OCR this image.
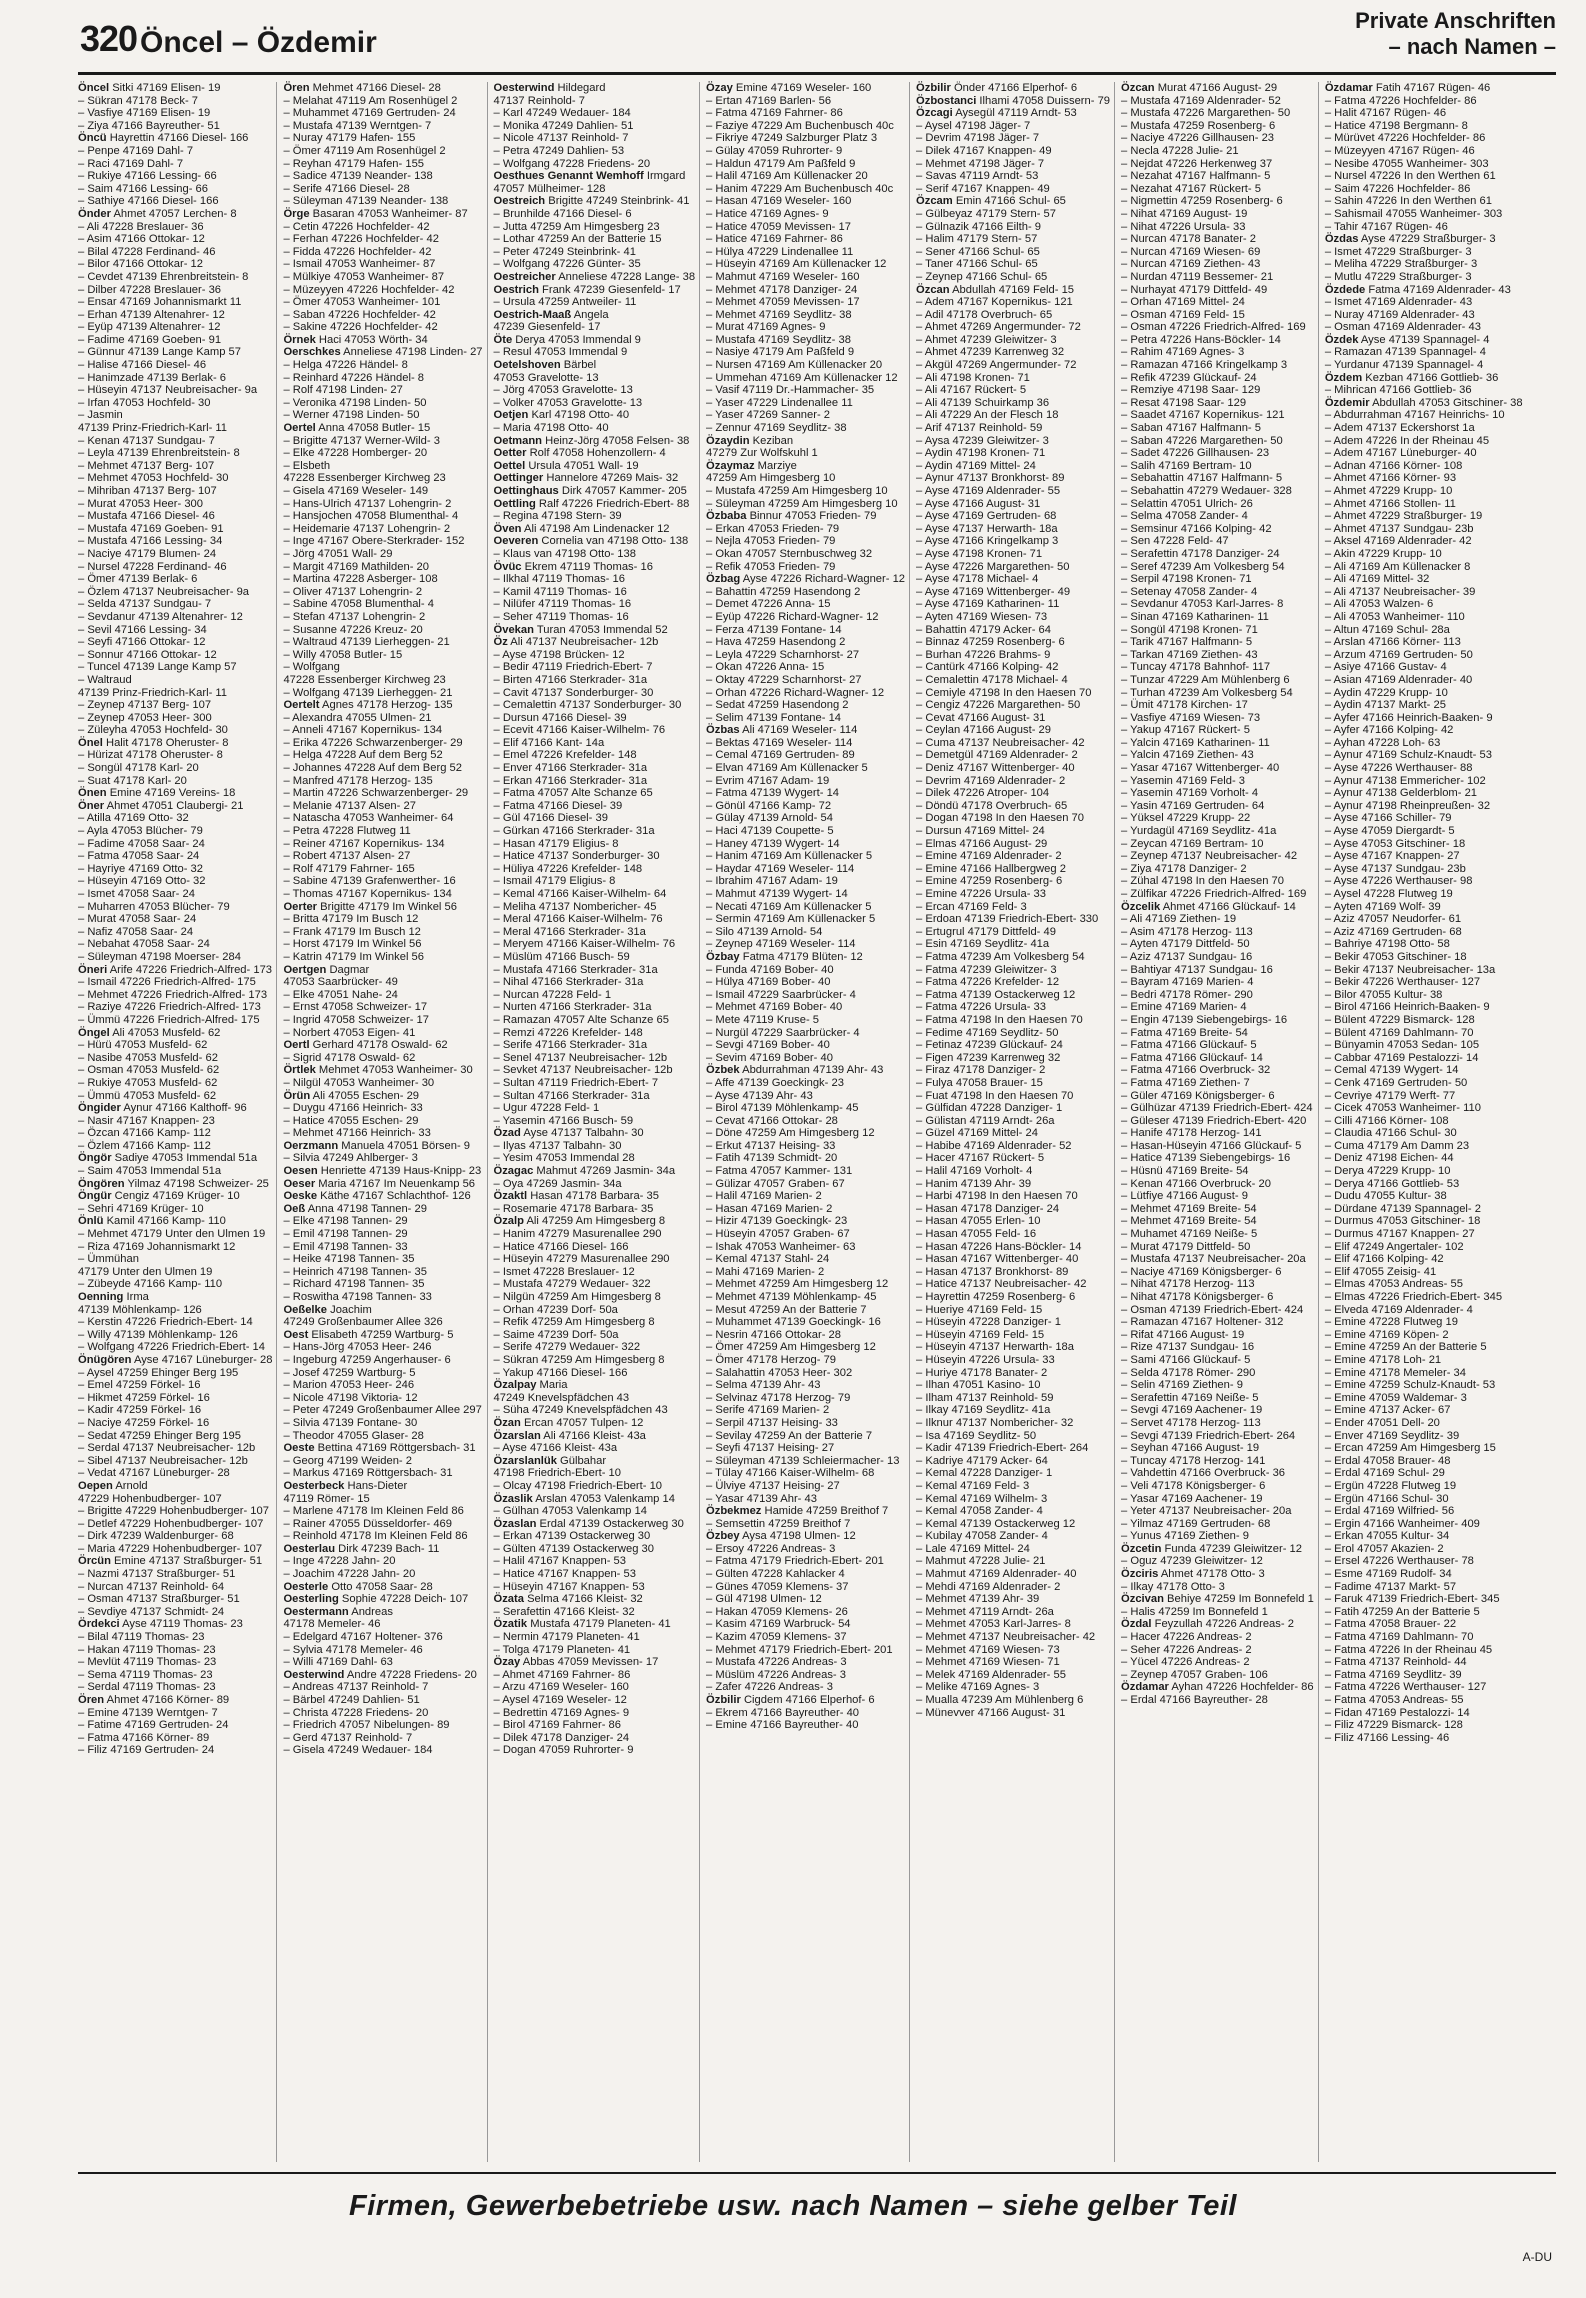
320 Öncel – Özdemir
Private Anschriften
– nach Namen –
Öncel Sitki 47169 Elisen- 19
– Sükran 47178 Beck- 7
– Vasfiye 47169 Elisen- 19
– Ziya 47166 Bayreuther- 51
Öncü Hayrettin 47166 Diesel- 166
– Penpe 47169 Dahl- 7
– Raci 47169 Dahl- 7
– Rukiye 47166 Lessing- 66
– Saim 47166 Lessing- 66
– Sathiye 47166 Diesel- 166
Önder Ahmet 47057 Lerchen- 8
– Ali 47228 Breslauer- 36
– Asim 47166 Ottokar- 12
– Bilal 47228 Ferdinand- 46
– Bilor 47166 Ottokar- 12
– Cevdet 47139 Ehrenbreitstein- 8
– Dilber 47228 Breslauer- 36
– Ensar 47169 Johannismarkt 11
– Erhan 47139 Altenahrer- 12
– Eyüp 47139 Altenahrer- 12
– Fadime 47169 Goeben- 91
– Günnur 47139 Lange Kamp 57
– Halise 47166 Diesel- 46
– Hanimzade 47139 Berlak- 6
– Hüseyin 47137 Neubreisacher- 9a
– Irfan 47053 Hochfeld- 30
– Jasmin
47139 Prinz-Friedrich-Karl- 11
– Kenan 47137 Sundgau- 7
– Leyla 47139 Ehrenbreitstein- 8
– Mehmet 47137 Berg- 107
– Mehmet 47053 Hochfeld- 30
– Mihriban 47137 Berg- 107
– Murat 47053 Heer- 300
– Mustafa 47166 Diesel- 46
– Mustafa 47169 Goeben- 91
– Mustafa 47166 Lessing- 34
– Naciye 47179 Blumen- 24
– Nursel 47228 Ferdinand- 46
– Ömer 47139 Berlak- 6
– Özlem 47137 Neubreisacher- 9a
– Selda 47137 Sundgau- 7
– Sevdanur 47139 Altenahrer- 12
– Sevil 47166 Lessing- 34
– Seyfi 47166 Ottokar- 12
– Sonnur 47166 Ottokar- 12
– Tuncel 47139 Lange Kamp 57
– Waltraud
47139 Prinz-Friedrich-Karl- 11
– Zeynep 47137 Berg- 107
– Zeynep 47053 Heer- 300
– Züleyha 47053 Hochfeld- 30
Önel Halit 47178 Oheruster- 8
– Hürizat 47178 Oheruster- 8
– Songül 47178 Karl- 20
– Suat 47178 Karl- 20
Önen Emine 47169 Vereins- 18
Öner Ahmet 47051 Claubergi- 21
– Atilla 47169 Otto- 32
– Ayla 47053 Blücher- 79
– Fadime 47058 Saar- 24
– Fatma 47058 Saar- 24
– Hayriye 47169 Otto- 32
– Hüseyin 47169 Otto- 32
– Ismet 47058 Saar- 24
– Muharren 47053 Blücher- 79
– Murat 47058 Saar- 24
– Nafiz 47058 Saar- 24
– Nebahat 47058 Saar- 24
– Süleyman 47198 Moerser- 284
Öneri Arife 47226 Friedrich-Alfred- 173
– Ismail 47226 Friedrich-Alfred- 175
– Mehmet 47226 Friedrich-Alfred- 173
– Raziye 47226 Friedrich-Alfred- 173
– Ümmü 47226 Friedrich-Alfred- 175
Öngel Ali 47053 Musfeld- 62
– Hürü 47053 Musfeld- 62
– Nasibe 47053 Musfeld- 62
– Osman 47053 Musfeld- 62
– Rukiye 47053 Musfeld- 62
– Ümmü 47053 Musfeld- 62
Öngider Aynur 47166 Kalthoff- 96
– Nasir 47167 Knappen- 23
– Özcan 47166 Kamp- 112
– Özlem 47166 Kamp- 112
Öngör Sadiye 47053 Immendal 51a
– Saim 47053 Immendal 51a
Öngören Yilmaz 47198 Schweizer- 25
Öngür Cengiz 47169 Krüger- 10
– Sehri 47169 Krüger- 10
Önlü Kamil 47166 Kamp- 110
– Mehmet 47179 Unter den Ulmen 19
– Riza 47169 Johannismarkt 12
– Ümmühan
47179 Unter den Ulmen 19
– Zübeyde 47166 Kamp- 110
Oenning Irma
47139 Möhlenkamp- 126
– Kerstin 47226 Friedrich-Ebert- 14
– Willy 47139 Möhlenkamp- 126
– Wolfgang 47226 Friedrich-Ebert- 14
Önügören Ayse 47167 Lüneburger- 28
– Aysel 47259 Ehinger Berg 195
– Emel 47259 Förkel- 16
– Hikmet 47259 Förkel- 16
– Kadir 47259 Förkel- 16
– Naciye 47259 Förkel- 16
– Sedat 47259 Ehinger Berg 195
– Serdal 47137 Neubreisacher- 12b
– Sibel 47137 Neubreisacher- 12b
– Vedat 47167 Lüneburger- 28
Oepen Arnold
47229 Hohenbudberger- 107
– Brigitte 47229 Hohenbudberger- 107
– Detlef 47229 Hohenbudberger- 107
– Dirk 47239 Waldenburger- 68
– Maria 47229 Hohenbudberger- 107
Örcün Emine 47137 Straßburger- 51
– Nazmi 47137 Straßburger- 51
– Nurcan 47137 Reinhold- 64
– Osman 47137 Straßburger- 51
– Sevdiye 47137 Schmidt- 24
Ördekci Ayse 47119 Thomas- 23
– Bilal 47119 Thomas- 23
– Hakan 47119 Thomas- 23
– Mevlüt 47119 Thomas- 23
– Sema 47119 Thomas- 23
– Serdal 47119 Thomas- 23
Ören Ahmet 47166 Körner- 89
– Emine 47139 Werntgen- 7
– Fatime 47169 Gertruden- 24
– Fatma 47166 Körner- 89
– Filiz 47169 Gertruden- 24
Ören Mehmet 47166 Diesel- 28
– Melahat 47119 Am Rosenhügel 2
– Muhammet 47169 Gertruden- 24
– Mustafa 47139 Werntgen- 7
– Nuray 47179 Hafen- 155
– Ömer 47119 Am Rosenhügel 2
– Reyhan 47179 Hafen- 155
– Sadice 47139 Neander- 138
– Serife 47166 Diesel- 28
– Süleyman 47139 Neander- 138
Örge Basaran 47053 Wanheimer- 87
– Cetin 47226 Hochfelder- 42
– Ferhan 47226 Hochfelder- 42
– Fidda 47226 Hochfelder- 42
– Ismail 47053 Wanheimer- 87
– Mülkiye 47053 Wanheimer- 87
– Müzeyyen 47226 Hochfelder- 42
– Ömer 47053 Wanheimer- 101
– Saban 47226 Hochfelder- 42
– Sakine 47226 Hochfelder- 42
Örnek Haci 47053 Wörth- 34
Oerschkes Anneliese 47198 Linden- 27
– Helga 47226 Händel- 8
– Reinhard 47226 Händel- 8
– Rolf 47198 Linden- 27
– Veronika 47198 Linden- 50
– Werner 47198 Linden- 50
Oertel Anna 47058 Butler- 15
– Brigitte 47137 Werner-Wild- 3
– Elke 47228 Homberger- 20
– Elsbeth
47228 Essenberger Kirchweg 23
– Gisela 47169 Weseler- 149
– Hans-Ulrich 47137 Lohengrin- 2
– Hansjochen 47058 Blumenthal- 4
– Heidemarie 47137 Lohengrin- 2
– Inge 47167 Obere-Sterkrader- 152
– Jörg 47051 Wall- 29
– Margit 47169 Mathilden- 20
– Martina 47228 Asberger- 108
– Oliver 47137 Lohengrin- 2
– Sabine 47058 Blumenthal- 4
– Stefan 47137 Lohengrin- 2
– Susanne 47226 Kreuz- 20
– Waltraud 47139 Lierheggen- 21
– Willy 47058 Butler- 15
– Wolfgang
47228 Essenberger Kirchweg 23
– Wolfgang 47139 Lierheggen- 21
Oertelt Agnes 47178 Herzog- 135
– Alexandra 47055 Ulmen- 21
– Anneli 47167 Kopernikus- 134
– Erika 47226 Schwarzenberger- 29
– Helga 47228 Auf dem Berg 52
– Johannes 47228 Auf dem Berg 52
– Manfred 47178 Herzog- 135
– Martin 47226 Schwarzenberger- 29
– Melanie 47137 Alsen- 27
– Natascha 47053 Wanheimer- 64
– Petra 47228 Flutweg 11
– Reiner 47167 Kopernikus- 134
– Robert 47137 Alsen- 27
– Rolf 47179 Fahrner- 165
– Sabine 47139 Grafenwerther- 16
– Thomas 47167 Kopernikus- 134
Oerter Brigitte 47179 Im Winkel 56
– Britta 47179 Im Busch 12
– Frank 47179 Im Busch 12
– Horst 47179 Im Winkel 56
– Katrin 47179 Im Winkel 56
Oertgen Dagmar
47053 Saarbrücker- 49
– Elke 47051 Nahe- 24
– Ernst 47058 Schweizer- 17
– Ingrid 47058 Schweizer- 17
– Norbert 47053 Eigen- 41
Oertl Gerhard 47178 Oswald- 62
– Sigrid 47178 Oswald- 62
Örtlek Mehmet 47053 Wanheimer- 30
– Nilgül 47053 Wanheimer- 30
Örün Ali 47055 Eschen- 29
– Duygu 47166 Heinrich- 33
– Hatice 47055 Eschen- 29
– Mehmet 47166 Heinrich- 33
Oerzmann Manuela 47051 Börsen- 9
– Silvia 47249 Ahlberger- 3
Oesen Henriette 47139 Haus-Knipp- 23
Oeser Maria 47167 Im Neuenkamp 56
Oeske Käthe 47167 Schlachthof- 126
Oeß Anna 47198 Tannen- 29
– Elke 47198 Tannen- 29
– Emil 47198 Tannen- 29
– Emil 47198 Tannen- 33
– Heike 47198 Tannen- 35
– Heinrich 47198 Tannen- 35
– Richard 47198 Tannen- 35
– Roswitha 47198 Tannen- 33
Oeßelke Joachim
47249 Großenbaumer Allee 326
Oest Elisabeth 47259 Wartburg- 5
– Hans-Jörg 47053 Heer- 246
– Ingeburg 47259 Angerhauser- 6
– Josef 47259 Wartburg- 5
– Marion 47053 Heer- 246
– Nicole 47198 Viktoria- 12
– Peter 47249 Großenbaumer Allee 297
– Silvia 47139 Fontane- 30
– Theodor 47055 Glaser- 28
Oeste Bettina 47169 Röttgersbach- 31
– Georg 47199 Weiden- 2
– Markus 47169 Röttgersbach- 31
Oesterbeck Hans-Dieter
47119 Römer- 15
– Marlene 47178 Im Kleinen Feld 86
– Rainer 47055 Düsseldorfer- 469
– Reinhold 47178 Im Kleinen Feld 86
Oesterlau Dirk 47239 Bach- 11
– Inge 47228 Jahn- 20
– Joachim 47228 Jahn- 20
Oesterle Otto 47058 Saar- 28
Oesterling Sophie 47228 Deich- 107
Oestermann Andreas
47178 Memeler- 46
– Edelgard 47167 Holtener- 376
– Sylvia 47178 Memeler- 46
– Willi 47169 Dahl- 63
Oesterwind Andre 47228 Friedens- 20
– Andreas 47137 Reinhold- 7
– Bärbel 47249 Dahlien- 51
– Christa 47228 Friedens- 20
– Friedrich 47057 Nibelungen- 89
– Gerd 47137 Reinhold- 7
– Gisela 47249 Wedauer- 184
Oesterwind Hildegard
47137 Reinhold- 7
– Karl 47249 Wedauer- 184
– Monika 47249 Dahlien- 51
– Nicole 47137 Reinhold- 7
– Petra 47249 Dahlien- 53
– Wolfgang 47228 Friedens- 20
Oesthues Genannt Wemhoff Irmgard
47057 Mülheimer- 128
Oestreich Brigitte 47249 Steinbrink- 41
– Brunhilde 47166 Diesel- 6
– Jutta 47259 Am Himgesberg 23
– Lothar 47259 An der Batterie 15
– Peter 47249 Steinbrink- 41
– Wolfgang 47226 Günter- 35
Oestreicher Anneliese 47228 Lange- 38
Oestrich Frank 47239 Giesenfeld- 17
– Ursula 47259 Antweiler- 11
Oestrich-Maaß Angela
47239 Giesenfeld- 17
Öte Derya 47053 Immendal 9
– Resul 47053 Immendal 9
Oetelshoven Bärbel
47053 Gravelotte- 13
– Jörg 47053 Gravelotte- 13
– Volker 47053 Gravelotte- 13
Oetjen Karl 47198 Otto- 40
– Maria 47198 Otto- 40
Oetmann Heinz-Jörg 47058 Felsen- 38
Oetter Rolf 47058 Hohenzollern- 4
Oettel Ursula 47051 Wall- 19
Oettinger Hannelore 47269 Mais- 32
Oettinghaus Dirk 47057 Kammer- 205
Oettling Ralf 47226 Friedrich-Ebert- 88
– Regina 47198 Stern- 39
Öven Ali 47198 Am Lindenacker 12
Oeveren Cornelia van 47198 Otto- 138
– Klaus van 47198 Otto- 138
Övüc Ekrem 47119 Thomas- 16
– Ilkhal 47119 Thomas- 16
– Kamil 47119 Thomas- 16
– Nilüfer 47119 Thomas- 16
– Seher 47119 Thomas- 16
Övekan Turan 47053 Immendal 52
Öz Ali 47137 Neubreisacher- 12b
– Ayse 47198 Brücken- 12
– Bedir 47119 Friedrich-Ebert- 7
– Birten 47166 Sterkrader- 31a
– Cavit 47137 Sonderburger- 30
– Cemalettin 47137 Sonderburger- 30
– Dursun 47166 Diesel- 39
– Ecevit 47166 Kaiser-Wilhelm- 76
– Elif 47166 Kant- 14a
– Emel 47226 Krefelder- 148
– Enver 47166 Sterkrader- 31a
– Erkan 47166 Sterkrader- 31a
– Fatma 47057 Alte Schanze 65
– Fatma 47166 Diesel- 39
– Gül 47166 Diesel- 39
– Gürkan 47166 Sterkrader- 31a
– Hasan 47179 Eligius- 8
– Hatice 47137 Sonderburger- 30
– Hüliya 47226 Krefelder- 148
– Ismail 47179 Eligius- 8
– Kemal 47166 Kaiser-Wilhelm- 64
– Meliha 47137 Nombericher- 45
– Meral 47166 Kaiser-Wilhelm- 76
– Meral 47166 Sterkrader- 31a
– Meryem 47166 Kaiser-Wilhelm- 76
– Müslüm 47166 Busch- 59
– Mustafa 47166 Sterkrader- 31a
– Nihal 47166 Sterkrader- 31a
– Nurcan 47228 Feld- 1
– Nurten 47166 Sterkrader- 31a
– Ramazan 47057 Alte Schanze 65
– Remzi 47226 Krefelder- 148
– Serife 47166 Sterkrader- 31a
– Senel 47137 Neubreisacher- 12b
– Sevket 47137 Neubreisacher- 12b
– Sultan 47119 Friedrich-Ebert- 7
– Sultan 47166 Sterkrader- 31a
– Ugur 47228 Feld- 1
– Yasemin 47166 Busch- 59
Özad Ayse 47137 Talbahn- 30
– Ilyas 47137 Talbahn- 30
– Yesim 47053 Immendal 28
Özagac Mahmut 47269 Jasmin- 34a
– Oya 47269 Jasmin- 34a
Özaktl Hasan 47178 Barbara- 35
– Rosemarie 47178 Barbara- 35
Özalp Ali 47259 Am Himgesberg 8
– Hanim 47279 Masurenallee 290
– Hatice 47166 Diesel- 166
– Hüseyin 47279 Masurenallee 290
– Ismet 47228 Breslauer- 12
– Mustafa 47279 Wedauer- 322
– Nilgün 47259 Am Himgesberg 8
– Orhan 47239 Dorf- 50a
– Refik 47259 Am Himgesberg 8
– Saime 47239 Dorf- 50a
– Serife 47279 Wedauer- 322
– Sükran 47259 Am Himgesberg 8
– Yakup 47166 Diesel- 166
Özalpay Maria
47249 Knevelspfädchen 43
– Süha 47249 Knevelspfädchen 43
Özan Ercan 47057 Tulpen- 12
Özarslan Ali 47166 Kleist- 43a
– Ayse 47166 Kleist- 43a
Özarslanlük Gülbahar
47198 Friedrich-Ebert- 10
– Olcay 47198 Friedrich-Ebert- 10
Özaslik Arslan 47053 Valenkamp 14
– Gülhan 47053 Valenkamp 14
Özaslan Erdal 47139 Ostackerweg 30
– Erkan 47139 Ostackerweg 30
– Gülten 47139 Ostackerweg 30
– Halil 47167 Knappen- 53
– Hatice 47167 Knappen- 53
– Hüseyin 47167 Knappen- 53
Özata Selma 47166 Kleist- 32
– Serafettin 47166 Kleist- 32
Özatik Mustafa 47179 Planeten- 41
– Nermin 47179 Planeten- 41
– Tolga 47179 Planeten- 41
Özay Abbas 47059 Mevissen- 17
– Ahmet 47169 Fahrner- 86
– Arzu 47169 Weseler- 160
– Aysel 47169 Weseler- 12
– Bedrettin 47169 Agnes- 9
– Birol 47169 Fahrner- 86
– Dilek 47178 Danziger- 24
– Dogan 47059 Ruhrorter- 9
Özay Emine 47169 Weseler- 160
– Ertan 47169 Barlen- 56
– Fatma 47169 Fahrner- 86
– Faziye 47229 Am Buchenbusch 40c
– Fikriye 47249 Salzburger Platz 3
– Gülay 47059 Ruhrorter- 9
– Haldun 47179 Am Paßfeld 9
– Halil 47169 Am Küllenacker 20
– Hanim 47229 Am Buchenbusch 40c
– Hasan 47169 Weseler- 160
– Hatice 47169 Agnes- 9
– Hatice 47059 Mevissen- 17
– Hatice 47169 Fahrner- 86
– Hülya 47229 Lindenallee 11
– Hüseyin 47169 Am Küllenacker 12
– Mahmut 47169 Weseler- 160
– Mehmet 47178 Danziger- 24
– Mehmet 47059 Mevissen- 17
– Mehmet 47169 Seydlitz- 38
– Murat 47169 Agnes- 9
– Mustafa 47169 Seydlitz- 38
– Nasiye 47179 Am Paßfeld 9
– Nursen 47169 Am Küllenacker 20
– Ummehan 47169 Am Küllenacker 12
– Vasif 47119 Dr.-Hammacher- 35
– Yaser 47229 Lindenallee 11
– Yaser 47269 Sanner- 2
– Zennur 47169 Seydlitz- 38
Özaydin Keziban
47279 Zur Wolfskuhl 1
Özaymaz Marziye
47259 Am Himgesberg 10
– Mustafa 47259 Am Himgesberg 10
– Süleyman 47259 Am Himgesberg 10
Özbaba Binnur 47053 Frieden- 79
– Erkan 47053 Frieden- 79
– Nejla 47053 Frieden- 79
– Okan 47057 Sternbuschweg 32
– Refik 47053 Frieden- 79
Özbag Ayse 47226 Richard-Wagner- 12
– Bahattin 47259 Hasendong 2
– Demet 47226 Anna- 15
– Eyüp 47226 Richard-Wagner- 12
– Ferza 47139 Fontane- 14
– Hava 47259 Hasendong 2
– Leyla 47229 Scharnhorst- 27
– Okan 47226 Anna- 15
– Oktay 47229 Scharnhorst- 27
– Orhan 47226 Richard-Wagner- 12
– Sedat 47259 Hasendong 2
– Selim 47139 Fontane- 14
Özbas Ali 47169 Weseler- 114
– Bektas 47169 Weseler- 114
– Cemal 47169 Gertruden- 89
– Elvan 47169 Am Küllenacker 5
– Evrim 47167 Adam- 19
– Fatma 47139 Wygert- 14
– Gönül 47166 Kamp- 72
– Gülay 47139 Arnold- 54
– Haci 47139 Coupette- 5
– Haney 47139 Wygert- 14
– Hanim 47169 Am Küllenacker 5
– Haydar 47169 Weseler- 114
– Ibrahim 47167 Adam- 19
– Mahmut 47139 Wygert- 14
– Necati 47169 Am Küllenacker 5
– Sermin 47169 Am Küllenacker 5
– Silo 47139 Arnold- 54
– Zeynep 47169 Weseler- 114
Özbay Fatma 47179 Blüten- 12
– Funda 47169 Bober- 40
– Hülya 47169 Bober- 40
– Ismail 47229 Saarbrücker- 4
– Mehmet 47169 Bober- 40
– Mete 47119 Kruse- 5
– Nurgül 47229 Saarbrücker- 4
– Sevgi 47169 Bober- 40
– Sevim 47169 Bober- 40
Özbek Abdurrahman 47139 Ahr- 43
– Affe 47139 Goeckingk- 23
– Ayse 47139 Ahr- 43
– Birol 47139 Möhlenkamp- 45
– Cevat 47166 Ottokar- 28
– Döne 47259 Am Himgesberg 12
– Erkut 47137 Heising- 33
– Fatih 47139 Schmidt- 20
– Fatma 47057 Kammer- 131
– Gülizar 47057 Graben- 67
– Halil 47169 Marien- 2
– Hasan 47169 Marien- 2
– Hizir 47139 Goeckingk- 23
– Hüseyin 47057 Graben- 67
– Ishak 47053 Wanheimer- 63
– Kemal 47137 Stahl- 24
– Mahi 47169 Marien- 2
– Mehmet 47259 Am Himgesberg 12
– Mehmet 47139 Möhlenkamp- 45
– Mesut 47259 An der Batterie 7
– Muhammet 47139 Goeckingk- 16
– Nesrin 47166 Ottokar- 28
– Ömer 47259 Am Himgesberg 12
– Ömer 47178 Herzog- 79
– Salahattin 47053 Heer- 302
– Selma 47139 Ahr- 43
– Selvinaz 47178 Herzog- 79
– Serife 47169 Marien- 2
– Serpil 47137 Heising- 33
– Sevilay 47259 An der Batterie 7
– Seyfi 47137 Heising- 27
– Süleyman 47139 Schleiermacher- 13
– Tülay 47166 Kaiser-Wilhelm- 68
– Ülviye 47137 Heising- 27
– Yasar 47139 Ahr- 43
Özbekmez Hamide 47259 Breithof 7
– Semsettin 47259 Breithof 7
Özbey Aysa 47198 Ulmen- 12
– Ersoy 47226 Andreas- 3
– Fatma 47179 Friedrich-Ebert- 201
– Gülten 47228 Kahlacker 4
– Günes 47059 Klemens- 37
– Gül 47198 Ulmen- 12
– Hakan 47059 Klemens- 26
– Kasim 47169 Warbruck- 54
– Kazim 47059 Klemens- 37
– Mehmet 47179 Friedrich-Ebert- 201
– Mustafa 47226 Andreas- 3
– Müslüm 47226 Andreas- 3
– Zafer 47226 Andreas- 3
Özbilir Cigdem 47166 Elperhof- 6
– Ekrem 47166 Bayreuther- 40
– Emine 47166 Bayreuther- 40
Özbilir Önder 47166 Elperhof- 6
Özbostanci Ilhami 47058 Duissern- 79
Özcagi Aysegül 47119 Arndt- 53
– Aysel 47198 Jäger- 7
– Devrim 47198 Jäger- 7
– Dilek 47167 Knappen- 49
– Mehmet 47198 Jäger- 7
– Savas 47119 Arndt- 53
– Serif 47167 Knappen- 49
Özcam Emin 47166 Schul- 65
– Gülbeyaz 47179 Stern- 57
– Gülnazik 47166 Eilth- 9
– Halim 47179 Stern- 57
– Sener 47166 Schul- 65
– Taner 47166 Schul- 65
– Zeynep 47166 Schul- 65
Özcan Abdullah 47169 Feld- 15
– Adem 47167 Kopernikus- 121
– Adil 47178 Overbruch- 65
– Ahmet 47269 Angermunder- 72
– Ahmet 47239 Gleiwitzer- 3
– Ahmet 47239 Karrenweg 32
– Akgül 47269 Angermunder- 72
– Ali 47198 Kronen- 71
– Ali 47167 Rückert- 5
– Ali 47139 Schuirkamp 36
– Ali 47229 An der Flesch 18
– Arif 47137 Reinhold- 59
– Aysa 47239 Gleiwitzer- 3
– Aydin 47198 Kronen- 71
– Aydin 47169 Mittel- 24
– Aynur 47137 Bronkhorst- 89
– Ayse 47169 Aldenrader- 55
– Ayse 47166 August- 31
– Ayse 47169 Gertruden- 68
– Ayse 47137 Herwarth- 18a
– Ayse 47166 Kringelkamp 3
– Ayse 47198 Kronen- 71
– Ayse 47226 Margarethen- 50
– Ayse 47178 Michael- 4
– Ayse 47169 Wittenberger- 49
– Ayse 47169 Katharinen- 11
– Ayten 47169 Wiesen- 73
– Bahattin 47179 Acker- 64
– Binnaz 47259 Rosenberg- 6
– Burhan 47226 Brahms- 9
– Cantürk 47166 Kolping- 42
– Cemalettin 47178 Michael- 4
– Cemiyle 47198 In den Haesen 70
– Cengiz 47226 Margarethen- 50
– Cevat 47166 August- 31
– Ceylan 47166 August- 29
– Cuma 47137 Neubreisacher- 42
– Demetgül 47169 Aldenrader- 2
– Deniz 47167 Wittenberger- 40
– Devrim 47169 Aldenrader- 2
– Dilek 47226 Atroper- 104
– Döndü 47178 Overbruch- 65
– Dogan 47198 In den Haesen 70
– Dursun 47169 Mittel- 24
– Elmas 47166 August- 29
– Emine 47169 Aldenrader- 2
– Emine 47166 Hallbergweg 2
– Emine 47259 Rosenberg- 6
– Emine 47226 Ursula- 33
– Ercan 47169 Feld- 3
– Erdoan 47139 Friedrich-Ebert- 330
– Ertugrul 47179 Dittfeld- 49
– Esin 47169 Seydlitz- 41a
– Fatma 47239 Am Volkesberg 54
– Fatma 47239 Gleiwitzer- 3
– Fatma 47226 Krefelder- 12
– Fatma 47139 Ostackerweg 12
– Fatma 47226 Ursula- 33
– Fatma 47198 In den Haesen 70
– Fedime 47169 Seydlitz- 50
– Fetinaz 47239 Glückauf- 24
– Figen 47239 Karrenweg 32
– Firaz 47178 Danziger- 2
– Fulya 47058 Brauer- 15
– Fuat 47198 In den Haesen 70
– Gülfidan 47228 Danziger- 1
– Gülistan 47119 Arndt- 26a
– Güzel 47169 Mittel- 24
– Habibe 47169 Aldenrader- 52
– Hacer 47167 Rückert- 5
– Halil 47169 Vorholt- 4
– Hanim 47139 Ahr- 39
– Harbi 47198 In den Haesen 70
– Hasan 47178 Danziger- 24
– Hasan 47055 Erlen- 10
– Hasan 47055 Feld- 16
– Hasan 47226 Hans-Böckler- 14
– Hasan 47167 Wittenberger- 40
– Hasan 47137 Bronkhorst- 89
– Hatice 47137 Neubreisacher- 42
– Hayrettin 47259 Rosenberg- 6
– Hueriye 47169 Feld- 15
– Hüseyin 47228 Danziger- 1
– Hüseyin 47169 Feld- 15
– Hüseyin 47137 Herwarth- 18a
– Hüseyin 47226 Ursula- 33
– Huriye 47178 Banater- 2
– Ilhan 47051 Kasino- 10
– Ilham 47137 Reinhold- 59
– Ilkay 47169 Seydlitz- 41a
– Ilknur 47137 Nombericher- 32
– Isa 47169 Seydlitz- 50
– Kadir 47139 Friedrich-Ebert- 264
– Kadriye 47179 Acker- 64
– Kemal 47228 Danziger- 1
– Kemal 47169 Feld- 3
– Kemal 47169 Wilhelm- 3
– Kemal 47058 Zander- 4
– Kemal 47139 Ostackerweg 12
– Kubilay 47058 Zander- 4
– Lale 47169 Mittel- 24
– Mahmut 47228 Julie- 21
– Mahmut 47169 Aldenrader- 40
– Mehdi 47169 Aldenrader- 2
– Mehmet 47139 Ahr- 39
– Mehmet 47119 Arndt- 26a
– Mehmet 47053 Karl-Jarres- 8
– Mehmet 47137 Neubreisacher- 42
– Mehmet 47169 Wiesen- 73
– Mehmet 47169 Wiesen- 71
– Melek 47169 Aldenrader- 55
– Melike 47169 Agnes- 3
– Mualla 47239 Am Mühlenberg 6
– Münevver 47166 August- 31
Özcan Murat 47166 August- 29
– Mustafa 47169 Aldenrader- 52
– Mustafa 47226 Margarethen- 50
– Mustafa 47259 Rosenberg- 6
– Naciye 47226 Gillhausen- 23
– Necla 47228 Julie- 21
– Nejdat 47226 Herkenweg 37
– Nezahat 47167 Halfmann- 5
– Nezahat 47167 Rückert- 5
– Nigmettin 47259 Rosenberg- 6
– Nihat 47169 August- 19
– Nihat 47226 Ursula- 33
– Nurcan 47178 Banater- 2
– Nurcan 47169 Wiesen- 69
– Nurcan 47169 Ziethen- 43
– Nurdan 47119 Bessemer- 21
– Nurhayat 47179 Dittfeld- 49
– Orhan 47169 Mittel- 24
– Osman 47169 Feld- 15
– Osman 47226 Friedrich-Alfred- 169
– Petra 47226 Hans-Böckler- 14
– Rahim 47169 Agnes- 3
– Ramazan 47166 Kringelkamp 3
– Refik 47239 Glückauf- 24
– Remziye 47198 Saar- 129
– Resat 47198 Saar- 129
– Saadet 47167 Kopernikus- 121
– Saban 47167 Halfmann- 5
– Saban 47226 Margarethen- 50
– Sadet 47226 Gillhausen- 23
– Salih 47169 Bertram- 10
– Sebahattin 47167 Halfmann- 5
– Sebahattin 47279 Wedauer- 328
– Selattin 47051 Ulrich- 26
– Selma 47058 Zander- 4
– Semsinur 47166 Kolping- 42
– Sen 47228 Feld- 47
– Serafettin 47178 Danziger- 24
– Seref 47239 Am Volkesberg 54
– Serpil 47198 Kronen- 71
– Setenay 47058 Zander- 4
– Sevdanur 47053 Karl-Jarres- 8
– Sinan 47169 Katharinen- 11
– Songül 47198 Kronen- 71
– Tarik 47167 Halfmann- 5
– Tarkan 47169 Ziethen- 43
– Tuncay 47178 Bahnhof- 117
– Tunzar 47229 Am Mühlenberg 6
– Turhan 47239 Am Volkesberg 54
– Ümit 47178 Kirchen- 17
– Vasfiye 47169 Wiesen- 73
– Yakup 47167 Rückert- 5
– Yalcin 47169 Katharinen- 11
– Yalcin 47169 Ziethen- 43
– Yasar 47167 Wittenberger- 40
– Yasemin 47169 Feld- 3
– Yasemin 47169 Vorholt- 4
– Yasin 47169 Gertruden- 64
– Yüksel 47229 Krupp- 22
– Yurdagül 47169 Seydlitz- 41a
– Zeycan 47169 Bertram- 10
– Zeynep 47137 Neubreisacher- 42
– Ziya 47178 Danziger- 2
– Zühal 47198 In den Haesen 70
– Zülfikar 47226 Friedrich-Alfred- 169
Özcelik Ahmet 47166 Glückauf- 14
– Ali 47169 Ziethen- 19
– Asim 47178 Herzog- 113
– Ayten 47179 Dittfeld- 50
– Aziz 47137 Sundgau- 16
– Bahtiyar 47137 Sundgau- 16
– Bayram 47169 Marien- 4
– Bedri 47178 Römer- 290
– Emine 47169 Marien- 4
– Engin 47139 Siebengebirgs- 16
– Fatma 47169 Breite- 54
– Fatma 47166 Glückauf- 5
– Fatma 47166 Glückauf- 14
– Fatma 47166 Overbruck- 32
– Fatma 47169 Ziethen- 7
– Güler 47169 Königsberger- 6
– Gülhüzar 47139 Friedrich-Ebert- 424
– Güleser 47139 Friedrich-Ebert- 420
– Hanife 47178 Herzog- 141
– Hasan-Hüseyin 47166 Glückauf- 5
– Hatice 47139 Siebengebirgs- 16
– Hüsnü 47169 Breite- 54
– Kenan 47166 Overbruck- 20
– Lütfiye 47166 August- 9
– Mehmet 47169 Breite- 54
– Mehmet 47169 Breite- 54
– Muhamet 47169 Neiße- 5
– Murat 47179 Dittfeld- 50
– Mustafa 47137 Neubreisacher- 20a
– Naciye 47169 Königsberger- 6
– Nihat 47178 Herzog- 113
– Nihat 47178 Königsberger- 6
– Osman 47139 Friedrich-Ebert- 424
– Ramazan 47167 Holtener- 312
– Rifat 47166 August- 19
– Rize 47137 Sundgau- 16
– Sami 47166 Glückauf- 5
– Selda 47178 Römer- 290
– Selin 47169 Ziethen- 9
– Serafettin 47169 Neiße- 5
– Sevgi 47169 Aachener- 19
– Servet 47178 Herzog- 113
– Sevgi 47139 Friedrich-Ebert- 264
– Seyhan 47166 August- 19
– Tuncay 47178 Herzog- 141
– Vahdettin 47166 Overbruck- 36
– Veli 47178 Königsberger- 6
– Yasar 47169 Aachener- 19
– Yeter 47137 Neubreisacher- 20a
– Yilmaz 47169 Gertruden- 68
– Yunus 47169 Ziethen- 9
Özcetin Funda 47239 Gleiwitzer- 12
– Oguz 47239 Gleiwitzer- 12
Özciris Ahmet 47178 Otto- 3
– Ilkay 47178 Otto- 3
Özcivan Behiye 47259 Im Bonnefeld 1
– Halis 47259 Im Bonnefeld 1
Özdal Feyzullah 47226 Andreas- 2
– Hacer 47226 Andreas- 2
– Seher 47226 Andreas- 2
– Yücel 47226 Andreas- 2
– Zeynep 47057 Graben- 106
Özdamar Ayhan 47226 Hochfelder- 86
– Erdal 47166 Bayreuther- 28
Özdamar Fatih 47167 Rügen- 46
– Fatma 47226 Hochfelder- 86
– Halit 47167 Rügen- 46
– Hatice 47198 Bergmann- 8
– Mürüvet 47226 Hochfelder- 86
– Müzeyyen 47167 Rügen- 46
– Nesibe 47055 Wanheimer- 303
– Nursel 47226 In den Werthen 61
– Saim 47226 Hochfelder- 86
– Sahin 47226 In den Werthen 61
– Sahismail 47055 Wanheimer- 303
– Tahir 47167 Rügen- 46
Özdas Ayse 47229 Straßburger- 3
– Ismet 47229 Straßburger- 3
– Meliha 47229 Straßburger- 3
– Mutlu 47229 Straßburger- 3
Özdede Fatma 47169 Aldenrader- 43
– Ismet 47169 Aldenrader- 43
– Nuray 47169 Aldenrader- 43
– Osman 47169 Aldenrader- 43
Özdek Ayse 47139 Spannagel- 4
– Ramazan 47139 Spannagel- 4
– Yurdanur 47139 Spannagel- 4
Özdem Kezban 47166 Gottlieb- 36
– Mihrican 47166 Gottlieb- 36
Özdemir Abdullah 47053 Gitschiner- 38
– Abdurrahman 47167 Heinrichs- 10
– Adem 47137 Eckershorst 1a
– Adem 47226 In der Rheinau 45
– Adem 47167 Lüneburger- 40
– Adnan 47166 Körner- 108
– Ahmet 47166 Körner- 93
– Ahmet 47229 Krupp- 10
– Ahmet 47166 Stollen- 11
– Ahmet 47229 Straßburger- 19
– Ahmet 47137 Sundgau- 23b
– Aksel 47169 Aldenrader- 42
– Akin 47229 Krupp- 10
– Ali 47169 Am Küllenacker 8
– Ali 47169 Mittel- 32
– Ali 47137 Neubreisacher- 39
– Ali 47053 Walzen- 6
– Ali 47053 Wanheimer- 110
– Altun 47169 Schul- 28a
– Arslan 47166 Körner- 113
– Arzum 47169 Gertruden- 50
– Asiye 47166 Gustav- 4
– Asian 47169 Aldenrader- 40
– Aydin 47229 Krupp- 10
– Aydin 47137 Markt- 25
– Ayfer 47166 Heinrich-Baaken- 9
– Ayfer 47166 Kolping- 42
– Ayhan 47228 Loh- 63
– Aynur 47169 Schulz-Knaudt- 53
– Ayse 47226 Werthauser- 88
– Aynur 47138 Emmericher- 102
– Aynur 47138 Gelderblom- 21
– Aynur 47198 Rheinpreußen- 32
– Ayse 47166 Schiller- 79
– Ayse 47059 Diergardt- 5
– Ayse 47053 Gitschiner- 18
– Ayse 47167 Knappen- 27
– Ayse 47137 Sundgau- 23b
– Ayse 47226 Werthauser- 98
– Aysel 47228 Flutweg 19
– Ayten 47169 Wolf- 39
– Aziz 47057 Neudorfer- 61
– Aziz 47169 Gertruden- 68
– Bahriye 47198 Otto- 58
– Bekir 47053 Gitschiner- 18
– Bekir 47137 Neubreisacher- 13a
– Bekir 47226 Werthauser- 127
– Bilor 47055 Kultur- 38
– Birol 47166 Heinrich-Baaken- 9
– Bülent 47229 Bismarck- 128
– Bülent 47169 Dahlmann- 70
– Bünyamin 47053 Sedan- 105
– Cabbar 47169 Pestalozzi- 14
– Cemal 47139 Wygert- 14
– Cenk 47169 Gertruden- 50
– Cevriye 47179 Werft- 77
– Cicek 47053 Wanheimer- 110
– Cilli 47166 Körner- 108
– Claudia 47166 Schul- 30
– Cuma 47179 Am Damm 23
– Deniz 47198 Eichen- 44
– Derya 47229 Krupp- 10
– Derya 47166 Gottlieb- 53
– Dudu 47055 Kultur- 38
– Dürdane 47139 Spannagel- 2
– Durmus 47053 Gitschiner- 18
– Durmus 47167 Knappen- 27
– Elif 47249 Angertaler- 102
– Elif 47166 Kolping- 42
– Elif 47055 Zeisig- 41
– Elmas 47053 Andreas- 55
– Elmas 47226 Friedrich-Ebert- 345
– Elveda 47169 Aldenrader- 4
– Emine 47228 Flutweg 19
– Emine 47169 Köpen- 2
– Emine 47259 An der Batterie 5
– Emine 47178 Loh- 21
– Emine 47178 Memeler- 34
– Emine 47259 Schulz-Knaudt- 53
– Emine 47059 Waldemar- 3
– Emine 47137 Acker- 67
– Ender 47051 Dell- 20
– Enver 47169 Seydlitz- 39
– Ercan 47259 Am Himgesberg 15
– Erdal 47058 Brauer- 48
– Erdal 47169 Schul- 29
– Ergün 47228 Flutweg 19
– Ergün 47166 Schul- 30
– Erdal 47169 Wilfried- 56
– Ergin 47166 Wanheimer- 409
– Erkan 47055 Kultur- 34
– Erol 47057 Akazien- 2
– Ersel 47226 Werthauser- 78
– Esme 47169 Rudolf- 34
– Fadime 47137 Markt- 57
– Faruk 47139 Friedrich-Ebert- 345
– Fatih 47259 An der Batterie 5
– Fatma 47058 Brauer- 22
– Fatma 47169 Dahlmann- 70
– Fatma 47226 In der Rheinau 45
– Fatma 47137 Reinhold- 44
– Fatma 47169 Seydlitz- 39
– Fatma 47226 Werthauser- 127
– Fatma 47053 Andreas- 55
– Fidan 47169 Pestalozzi- 14
– Filiz 47229 Bismarck- 128
– Filiz 47166 Lessing- 46
Firmen, Gewerbebetriebe usw. nach Namen – siehe gelber Teil
A-DU
